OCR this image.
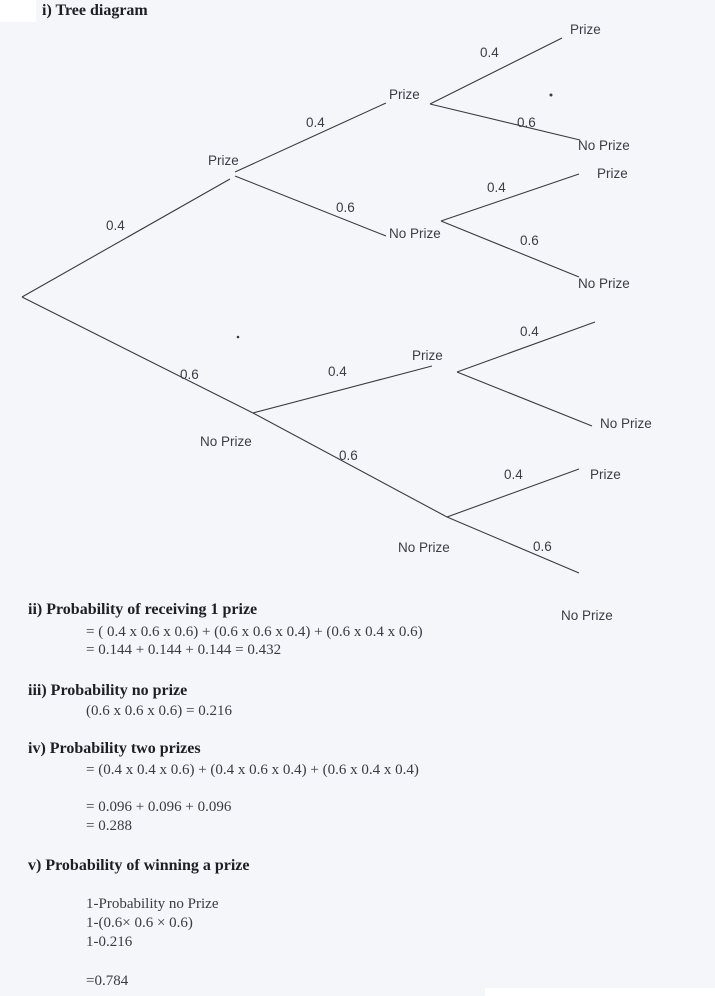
i) Tree diagram
0.4
Prize
0.6
No Prize
0.4
Prize
0.6
No Prize
0.4
Prize
0.6
No Prize
0.4
Prize
0.6
No Prize
0.4
Prize
0.6
No Prize
0.4
No Prize
0.4	Prize
0.6
No Prize
ii) Probability of receiving 1 prize
= ( 0.4 x 0.6 x 0.6) + (0.6 x 0.6 x 0.4) + (0.6 x 0.4 x 0.6)
= 0.144 + 0.144 + 0.144 = 0.432
iii) Probability no prize
(0.6 x 0.6 x 0.6) = 0.216
iv) Probability two prizes
= (0.4 x 0.4 x 0.6) + (0.4 x 0.6 x 0.4) + (0.6 x 0.4 x 0.4)
= 0.096 + 0.096 + 0.096
= 0.288
v) Probability of winning a prize
1-Probability no Prize
1-(0.6× 0.6 × 0.6)
1-0.216
=0.784
